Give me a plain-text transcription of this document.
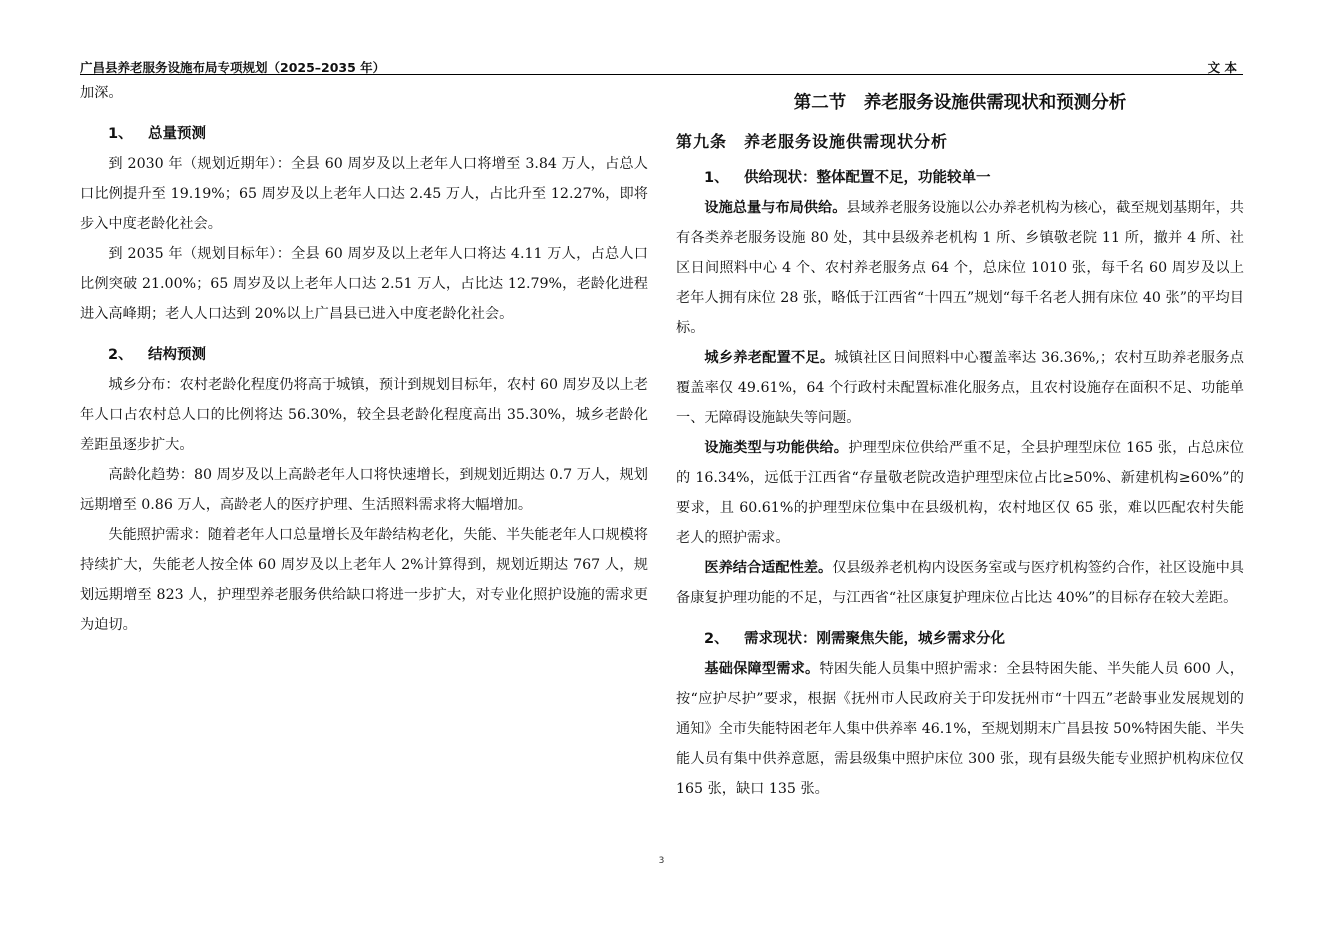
广昌县养老服务设施布局专项规划（2025–2035 年）	文 本

加深。

1、 总量预测

到 2030 年（规划近期年）：全县 60 周岁及以上老年人口将增至 3.84 万人，占总人口比例提升至 19.19%；65 周岁及以上老年人口达 2.45 万人，占比升至 12.27%，即将步入中度老龄化社会。

到 2035 年（规划目标年）：全县 60 周岁及以上老年人口将达 4.11 万人，占总人口比例突破 21.00%；65 周岁及以上老年人口达 2.51 万人，占比达 12.79%，老龄化进程进入高峰期；老人人口达到 20%以上广昌县已进入中度老龄化社会。

2、 结构预测

城乡分布：农村老龄化程度仍将高于城镇，预计到规划目标年，农村 60 周岁及以上老年人口占农村总人口的比例将达 56.30%，较全县老龄化程度高出 35.30%，城乡老龄化差距虽逐步扩大。

高龄化趋势：80 周岁及以上高龄老年人口将快速增长，到规划近期达 0.7 万人，规划远期增至 0.86 万人，高龄老人的医疗护理、生活照料需求将大幅增加。

失能照护需求：随着老年人口总量增长及年龄结构老化，失能、半失能老年人口规模将持续扩大，失能老人按全体 60 周岁及以上老年人 2%计算得到，规划近期达 767 人，规划远期增至 823 人，护理型养老服务供给缺口将进一步扩大，对专业化照护设施的需求更为迫切。

第二节　养老服务设施供需现状和预测分析
第九条　养老服务设施供需现状分析

1、 供给现状：整体配置不足，功能较单一

设施总量与布局供给。县域养老服务设施以公办养老机构为核心，截至规划基期年，共有各类养老服务设施 80 处，其中县级养老机构 1 所、乡镇敬老院 11 所，撤并 4 所、社区日间照料中心 4 个、农村养老服务点 64 个，总床位 1010 张，每千名 60 周岁及以上老年人拥有床位 28 张，略低于江西省“十四五”规划“每千名老人拥有床位 40 张”的平均目标。

城乡养老配置不足。城镇社区日间照料中心覆盖率达 36.36%,；农村互助养老服务点覆盖率仅 49.61%，64 个行政村未配置标准化服务点，且农村设施存在面积不足、功能单一、无障碍设施缺失等问题。

设施类型与功能供给。护理型床位供给严重不足，全县护理型床位 165 张，占总床位的 16.34%，远低于江西省“存量敬老院改造护理型床位占比≥50%、新建机构≥60%”的要求，且 60.61%的护理型床位集中在县级机构，农村地区仅 65 张，难以匹配农村失能老人的照护需求。

医养结合适配性差。仅县级养老机构内设医务室或与医疗机构签约合作，社区设施中具备康复护理功能的不足，与江西省“社区康复护理床位占比达 40%”的目标存在较大差距。

2、 需求现状：刚需聚焦失能，城乡需求分化

基础保障型需求。特困失能人员集中照护需求：全县特困失能、半失能人员 600 人，按“应护尽护”要求，根据《抚州市人民政府关于印发抚州市“十四五”老龄事业发展规划的通知》全市失能特困老年人集中供养率 46.1%，至规划期末广昌县按 50%特困失能、半失能人员有集中供养意愿，需县级集中照护床位 300 张，现有县级失能专业照护机构床位仅 165 张，缺口 135 张。

3
